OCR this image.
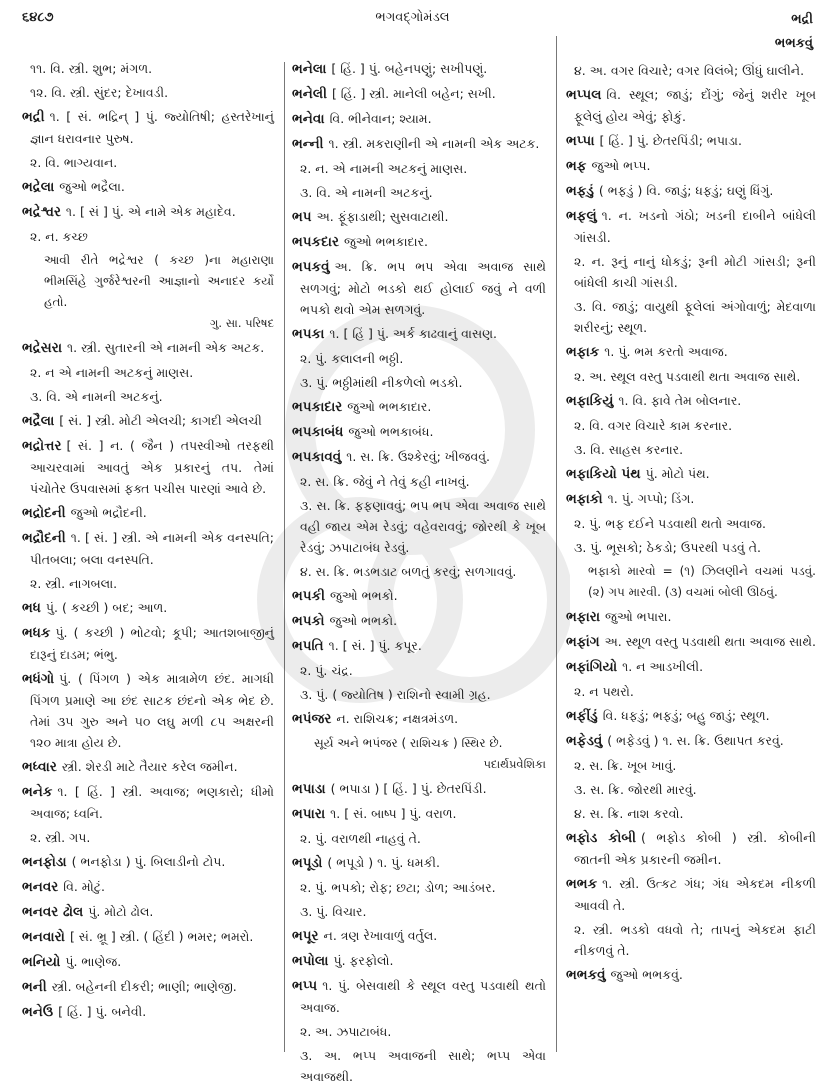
૬૪૮૭	ભગવદ્ગોમંડલ	ભદ્રી
ભભકવું
૧૧. વિ. સ્ત્રી. શુભ; મંગળ.
૧૨. વિ. સ્ત્રી. સુંદર; દેખાવડી.
ભદ્રી ૧. [ સં. ભદ્રિન્ ] પું. જ્યોતિષી; હસ્તરેખાનું જ્ઞાન ધરાવનાર પુરુષ.
૨. વિ. ભાગ્યવાન.
ભદ્રેલા જુઓ ભદ્રૈલા.
ભદ્રેશ્વર ૧. [ સં ] પું. એ નામે એક મહાદેવ.
૨. ન. કચ્છ
આવી રીતે ભદ્રેશ્વર ( કચ્છ )ના મહારાણા ભીમસિંહે ગુર્જરેશ્વરની આજ્ઞાનો અનાદર કર્યો હતો.
ગુ. સા. પરિષદ
ભદ્રેસરા ૧. સ્ત્રી. સુતારની એ નામની એક અટક.
૨. ન એ નામની અટકનું માણસ.
૩. વિ. એ નામની અટકનું.
ભદ્રૈલા [ સં. ] સ્ત્રી. મોટી એલચી; કાગદી એલચી
ભદ્રોત્તર [ સં. ] ન. ( જૈન ) તપસ્વીઓ તરફથી આચરવામાં આવતું એક પ્રકારનું તપ. તેમાં પંચોતેર ઉપવાસમાં ફક્ત પચીસ પારણાં આવે છે.
ભદ્રોદની જુઓ ભદ્રૌદની.
ભદ્રૌદની ૧. [ સં. ] સ્ત્રી. એ નામની એક વનસ્પતિ; પીતબલા; બલા વનસ્પતિ.
૨. સ્ત્રી. નાગબલા.
ભધ પું. ( કચ્છી ) બદ; આળ.
ભધક પું. ( કચ્છી ) ભોટવો; કૂપી; આતશબાજીનું દારૂનું દાડમ; ભંભુ.
ભધંગો પું. ( પિંગળ ) એક માત્રામેળ છંદ. માગધી પિંગળ પ્રમાણે આ છંદ સાટક છંદનો એક ભેદ છે. તેમાં ૩૫ ગુરુ અને ૫૦ લઘુ મળી ૮૫ અક્ષરની ૧૨૦ માત્રા હોય છે.
ભધ્વાર સ્ત્રી. શેરડી માટે તૈયાર કરેલ જમીન.
ભનેક ૧. [ હિં. ] સ્ત્રી. અવાજ; ભણકારો; ધીમો અવાજ; ધ્વનિ.
૨. સ્ત્રી. ગપ.
ભનફોડા ( ભનફોડા ) પું. બિલાડીનો ટોપ.
ભનવર વિ. મોટું.
ભનવર ઢોલ પું. મોટો ઢોલ.
ભનવારો [ સં. ભ્રૂ ] સ્ત્રી. ( હિંદી ) ભમર; ભમરો.
ભનિયો પું. ભાણેજ.
ભની સ્ત્રી. બહેનની દીકરી; ભાણી; ભાણેજી.
ભનેઉ [ હિં. ] પું. બનેવી.
ભનેલા [ હિં. ] પું. બહેનપણું; સખીપણું.
ભનેલી [ હિં. ] સ્ત્રી. માનેલી બહેન; સખી.
ભનેવા વિ. ભીનેવાન; શ્યામ.
ભન્ની ૧. સ્ત્રી. મકરાણીની એ નામની એક અટક.
૨. ન. એ નામની અટકનું માણસ.
૩. વિ. એ નામની અટકનું.
ભપ અ. ફૂંફાડાથી; સુસવાટાથી.
ભપકદાર જુઓ ભભકાદાર.
ભપકવું અ. ક્રિ. ભપ ભપ એવા અવાજ સાથે સળગવું; મોટો ભડકો થઈ હોલાઈ જવું ને વળી ભપકો થવો એમ સળગવું.
ભપકા ૧. [ હિં ] પું. અર્ક કાઢવાનું વાસણ.
૨. પું. કલાલની ભઠ્ઠી.
૩. પું. ભઠ્ઠીમાંથી નીકળેલો ભડકો.
ભપકાદાર જુઓ ભભકાદાર.
ભપકાબંધ જુઓ ભભકાબંધ.
ભપકાવવું ૧. સ. ક્રિ. ઉશ્કેરવું; ખીજવવું.
૨. સ. ક્રિ. જેવું ને તેવું કહી નાખવું.
૩. સ. ક્રિ. ફફણાવવું; ભપ ભપ એવા અવાજ સાથે વહી જાય એમ રેડવું; વહેવરાવવું; જોરથી કે ખૂબ રેડવું; ઝપાટાબંધ રેડવું.
૪. સ. ક્રિ. ભડભડાટ બળતું કરવું; સળગાવવું.
ભપકી જુઓ ભભકો.
ભપકો જુઓ ભભકો.
ભપતિ ૧. [ સં. ] પું. કપૂર.
૨. પું. ચંદ્ર.
૩. પું. ( જ્યોતિષ ) રાશિનો સ્વામી ગ્રહ.
ભપંજર ન. રાશિચક્ર; નક્ષત્રમંડળ.
સૂર્ય અને ભપંજર ( રાશિચક્ર ) સ્થિર છે.
પદાર્થપ્રવેશિકા
ભપાડા ( ભપાડા ) [ હિં. ] પું. છેતરપિંડી.
ભપારા ૧. [ સં. બાષ્પ ] પું. વરાળ.
૨. પું. વરાળથી નાહવું તે.
ભપૂડો ( ભપૂડો ) ૧. પું. ધમકી.
૨. પું. ભપકો; રોફ; છટા; ડોળ; આડંબર.
૩. પું. વિચાર.
ભપૂર ન. ત્રણ રેખાવાળું વર્તુલ.
ભપોલા પું. ફરફોલો.
ભપ્પ ૧. પું. બેસવાથી કે સ્થૂલ વસ્તુ પડવાથી થતો અવાજ.
૨. અ. ઝપાટાબંધ.
૩. અ. ભપ્પ અવાજની સાથે; ભપ્પ એવા અવાજથી.
૪. અ. વગર વિચારે; વગર વિલંબે; ઊંધું ઘાલીને.
ભપ્પલ વિ. સ્થૂલ; જાડું; દોંગું; જેનું શરીર ખૂબ ફૂલેલું હોય એવું; ફોકું.
ભપ્પા [ હિં. ] પું. છેતરપિંડી; ભપાડા.
ભફ જુઓ ભપ્પ.
ભફડું ( ભફડું ) વિ. જાડું; ધફડું; ઘણું ધિંગું.
ભફલું ૧. ન. ખડનો ગંઠો; ખડની દાબીને બાંધેલી ગાંસડી.
૨. ન. રૂનું નાનું ધોકડું; રૂની મોટી ગાંસડી; રૂની બાંધેલી કાચી ગાંસડી.
૩. વિ. જાડું; વાયુથી ફૂલેલાં અંગોવાળું; મેદવાળા શરીરનું; સ્થૂળ.
ભફાક ૧. પું. ભમ કરતો અવાજ.
૨. અ. સ્થૂલ વસ્તુ પડવાથી થતા અવાજ સાથે.
ભફાકિયું ૧. વિ. ફાવે તેમ બોલનાર.
૨. વિ. વગર વિચારે કામ કરનાર.
૩. વિ. સાહસ કરનાર.
ભફાકિયો પંથ પું. મોટો પંથ.
ભફાકો ૧. પું. ગપ્પો; ડિંગ.
૨. પું. ભફ દઈને પડવાથી થતો અવાજ.
૩. પું. ભૂસકો; ઠેકડો; ઉપરથી પડવું તે.
ભફાકો મારવો = (૧) ઝિલણીને વચમાં પડવું. (૨) ગપ મારવી. (૩) વચમાં બોલી ઊઠવું.
ભફારા જુઓ ભપારા.
ભફાંગ અ. સ્થૂળ વસ્તુ પડવાથી થતા અવાજ સાથે.
ભફાંગિયો ૧. ન આડખીલી.
૨. ન પથરો.
ભફીંડું વિ. ધફડું; ભફડું; બહુ જાડું; સ્થૂળ.
ભફેડવું ( ભફેડવું ) ૧. સ. ક્રિ. ઉથાપત કરવું.
૨. સ. ક્રિ. ખૂબ ખાવું.
૩. સ. ક્રિ. જોરથી મારવું.
૪. સ. ક્રિ. નાશ કરવો.
ભફોડ કોબી ( ભફોડ કોબી ) સ્ત્રી. કોબીની જાતની એક પ્રકારની જમીન.
ભભક ૧. સ્ત્રી. ઉત્કટ ગંધ; ગંધ એકદમ નીકળી આવવી તે.
૨. સ્ત્રી. ભડકો વધવો તે; તાપનું એકદમ ફાટી નીકળવું તે.
ભભકવું જુઓ ભભકવું.
